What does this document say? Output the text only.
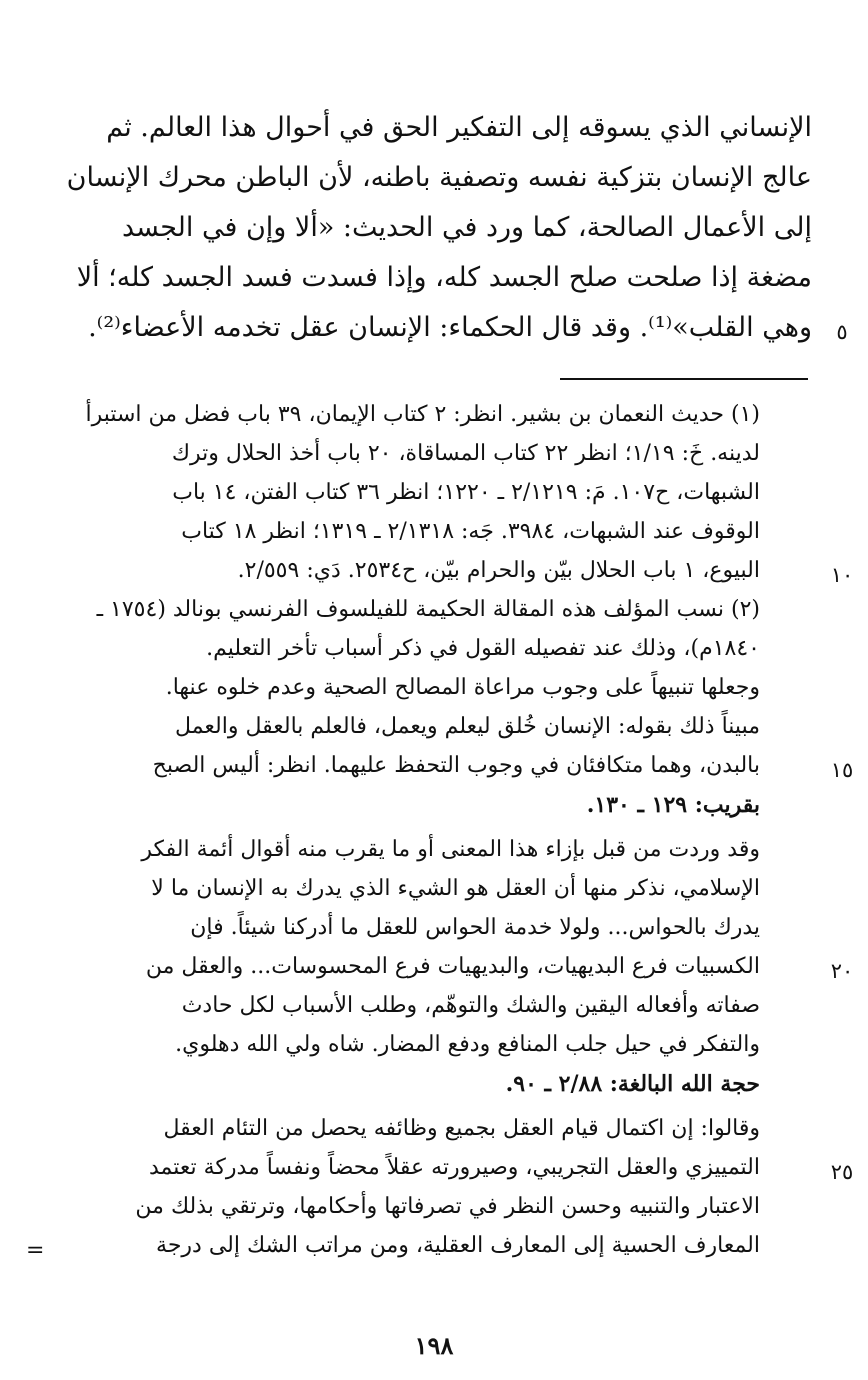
الإنساني الذي يسوقه إلى التفكير الحق في أحوال هذا العالم. ثم
عالج الإنسان بتزكية نفسه وتصفية باطنه، لأن الباطن محرك الإنسان
إلى الأعمال الصالحة، كما ورد في الحديث: «ألا وإن في الجسد
مضغة إذا صلحت صلح الجسد كله، وإذا فسدت فسد الجسد كله؛ ألا
وهي القلب»⁽¹⁾. وقد قال الحكماء: الإنسان عقل تخدمه الأعضاء⁽²⁾.	٥
(١) حديث النعمان بن بشير. انظر: ٢ كتاب الإيمان، ٣٩ باب فضل من استبرأ
لدينه. خَ: ١/١٩؛ انظر ٢٢ كتاب المساقاة، ٢٠ باب أخذ الحلال وترك
الشبهات، ح١٠٧. مَ: ٢/١٢١٩ ـ ١٢٢٠؛ انظر ٣٦ كتاب الفتن، ١٤ باب
الوقوف عند الشبهات، ٣٩٨٤. جَه: ٢/١٣١٨ ـ ١٣١٩؛ انظر ١٨ كتاب
البيوع، ١ باب الحلال بيّن والحرام بيّن، ح٢٥٣٤. دَي: ٢/٥٥٩.
(٢) نسب المؤلف هذه المقالة الحكيمة للفيلسوف الفرنسي بونالد (١٧٥٤ ـ
١٨٤٠م)، وذلك عند تفصيله القول في ذكر أسباب تأخر التعليم.
وجعلها تنبيهاً على وجوب مراعاة المصالح الصحية وعدم خلوه عنها.
مبيناً ذلك بقوله: الإنسان خُلق ليعلم ويعمل، فالعلم بالعقل والعمل
بالبدن، وهما متكافئان في وجوب التحفظ عليهما. انظر: أليس الصبح
بقريب: ١٢٩ ـ ١٣٠.
وقد وردت من قبل بإزاء هذا المعنى أو ما يقرب منه أقوال أئمة الفكر
الإسلامي، نذكر منها أن العقل هو الشيء الذي يدرك به الإنسان ما لا
يدرك بالحواس... ولولا خدمة الحواس للعقل ما أدركنا شيئاً. فإن
الكسبيات فرع البديهيات، والبديهيات فرع المحسوسات... والعقل من
صفاته وأفعاله اليقين والشك والتوهّم، وطلب الأسباب لكل حادث
والتفكر في حيل جلب المنافع ودفع المضار. شاه ولي الله دهلوي.
حجة الله البالغة: ٢/٨٨ ـ ٩٠.
وقالوا: إن اكتمال قيام العقل بجميع وظائفه يحصل من التئام العقل
التمييزي والعقل التجريبي، وصيرورته عقلاً محضاً ونفساً مدركة تعتمد
الاعتبار والتنبيه وحسن النظر في تصرفاتها وأحكامها، وترتقي بذلك من
المعارف الحسية إلى المعارف العقلية، ومن مراتب الشك إلى درجة
١٠
١٥
٢٠
٢٥
=
١٩٨
